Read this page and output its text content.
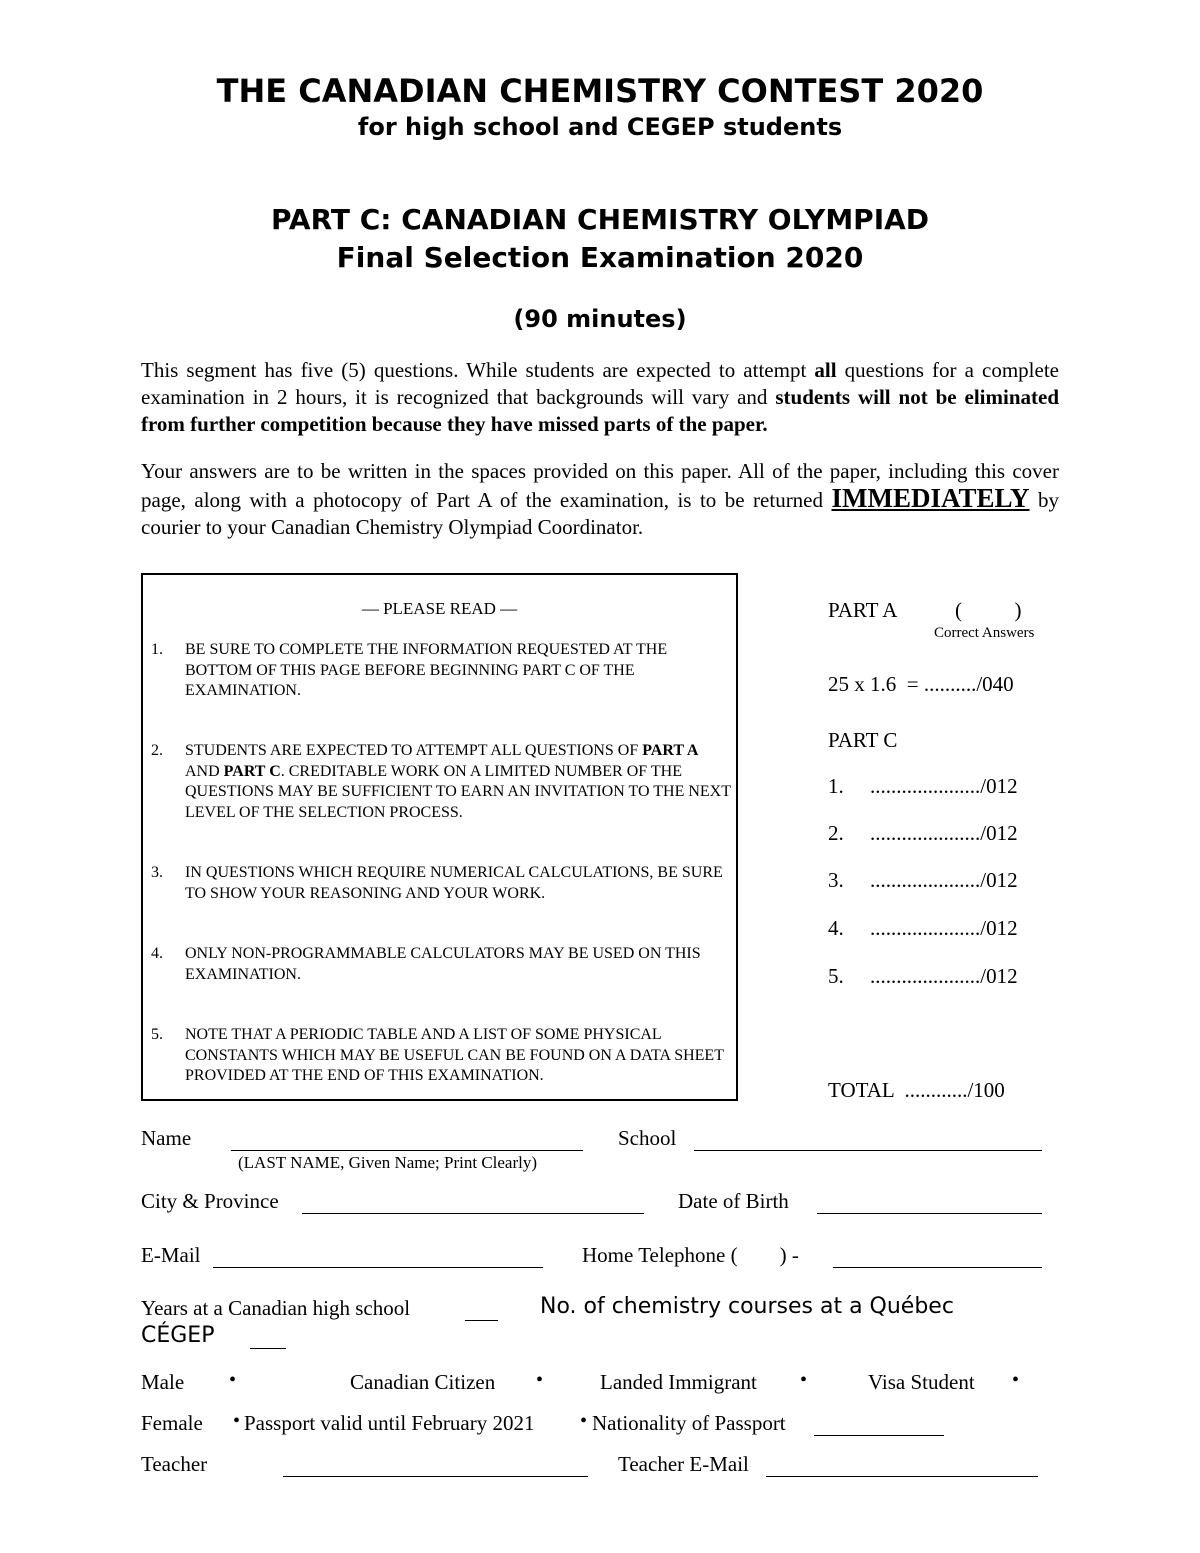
THE CANADIAN CHEMISTRY CONTEST 2020
for high school and CEGEP students
PART C: CANADIAN CHEMISTRY OLYMPIAD
Final Selection Examination 2020
(90 minutes)
This segment has five (5) questions. While students are expected to attempt all questions for a complete examination in 2 hours, it is recognized that backgrounds will vary and students will not be eliminated from further competition because they have missed parts of the paper.
Your answers are to be written in the spaces provided on this paper. All of the paper, including this cover page, along with a photocopy of Part A of the examination, is to be returned IMMEDIATELY by courier to your Canadian Chemistry Olympiad Coordinator.
— PLEASE READ —
1. BE SURE TO COMPLETE THE INFORMATION REQUESTED AT THE BOTTOM OF THIS PAGE BEFORE BEGINNING PART C OF THE EXAMINATION.
2. STUDENTS ARE EXPECTED TO ATTEMPT ALL QUESTIONS OF PART A AND PART C. CREDITABLE WORK ON A LIMITED NUMBER OF THE QUESTIONS MAY BE SUFFICIENT TO EARN AN INVITATION TO THE NEXT LEVEL OF THE SELECTION PROCESS.
3. IN QUESTIONS WHICH REQUIRE NUMERICAL CALCULATIONS, BE SURE TO SHOW YOUR REASONING AND YOUR WORK.
4. ONLY NON-PROGRAMMABLE CALCULATORS MAY BE USED ON THIS EXAMINATION.
5. NOTE THAT A PERIODIC TABLE AND A LIST OF SOME PHYSICAL CONSTANTS WHICH MAY BE USEFUL CAN BE FOUND ON A DATA SHEET PROVIDED AT THE END OF THIS EXAMINATION.
PART A	(          )
Correct Answers
25 x 1.6  = ........../040
PART C
1. ...................../012
2. ...................../012
3. ...................../012
4. ...................../012
5. ...................../012
TOTAL  ............/100
Name
(LAST NAME, Given Name; Print Clearly)
School
City & Province	Date of Birth
E-Mail	Home Telephone (        ) -
Years at a Canadian high school	No. of chemistry courses at a Québec
CÉGEP
Male •	Canadian Citizen •	Landed Immigrant •	Visa Student •
Female • Passport valid until February 2021 • Nationality of Passport
Teacher	Teacher E-Mail
